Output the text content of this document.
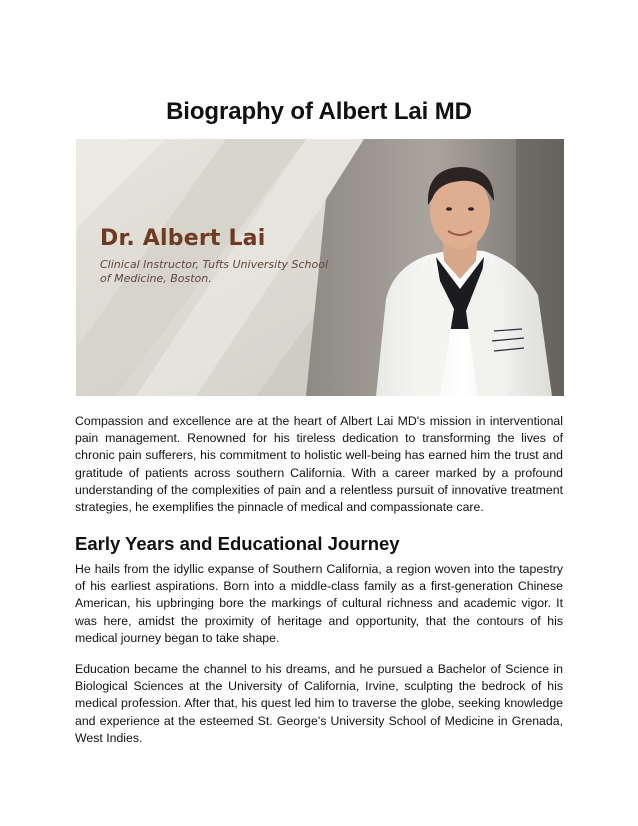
Biography of Albert Lai MD
Dr. Albert Lai
Clinical Instructor, Tufts University School of Medicine, Boston.

Compassion and excellence are at the heart of Albert Lai MD's mission in interventional pain management. Renowned for his tireless dedication to transforming the lives of chronic pain sufferers, his commitment to holistic well-being has earned him the trust and gratitude of patients across southern California. With a career marked by a profound understanding of the complexities of pain and a relentless pursuit of innovative treatment strategies, he exemplifies the pinnacle of medical and compassionate care.

Early Years and Educational Journey

He hails from the idyllic expanse of Southern California, a region woven into the tapestry of his earliest aspirations. Born into a middle-class family as a first-generation Chinese American, his upbringing bore the markings of cultural richness and academic vigor. It was here, amidst the proximity of heritage and opportunity, that the contours of his medical journey began to take shape.

Education became the channel to his dreams, and he pursued a Bachelor of Science in Biological Sciences at the University of California, Irvine, sculpting the bedrock of his medical profession. After that, his quest led him to traverse the globe, seeking knowledge and experience at the esteemed St. George's University School of Medicine in Grenada, West Indies.
